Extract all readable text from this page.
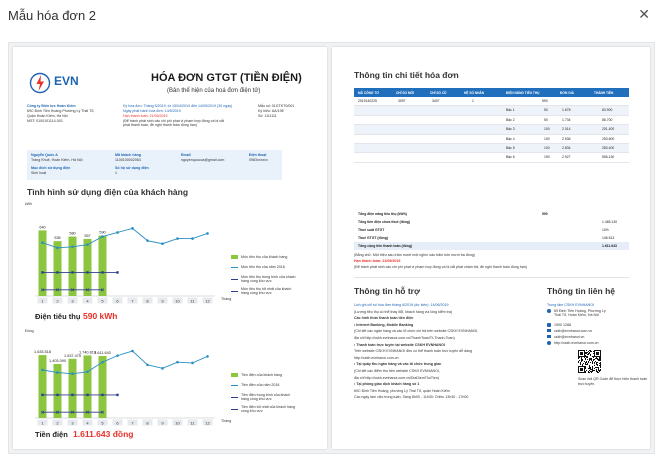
Mẫu hóa đơn 2	✕
EVN	HÓA ĐƠN GTGT (TIỀN ĐIỆN)
(Bản thể hiện của hoá đơn điện tử)
Công ty Điện lực Hoàn Kiếm
69C Đinh Tiên Hoàng Phường Lý Thái Tổ,
Quận Hoàn Kiếm, Hà Nội
MST: 0100101114-001
Kỳ hóa đơn: Tháng 5/2019, từ 15/04/2019 đến 14/05/2019 (30 ngày)
Ngày phát hành hóa đơn: 14/5/2019
Hạn thanh toán: 21/05/2019
(Để tránh phát sinh các chi phí phạt vi phạm hợp đồng và bị cắt
phạt thanh toán, đề nghị thanh toán đúng hạn)
Mẫu số: 01GTKT0/001
Ký hiệu: AA/19E
Số: 1111111
Nguyễn Quốc A
Tràng Khuê, Hoàn Kiếm, Hà Nội
Mã khách hàng
1100100002063
Email
nguyenquocca@gmail.com
Điện thoại
0983xxxxxx
Mục đích sử dụng điện
Sinh hoạt
Số hộ sử dụng điện
1
Tình hình sử dụng điện của khách hàng
kWh
1	2	3	4	5	6	7	8	9	10	11	12
640
535
580
557
590
Tháng
Mức tiêu thụ của khách hàng
Mức tiêu thụ của năm 2018
Mức tiêu thụ trung bình của khách hàng cùng khu vực
Mức tiêu thụ tốt nhất của khách hàng cùng khu vực
Điện tiêu thụ 590 kWh
Đồng
1	2	3	4	5	6	7	8	9	10	11	12
1.633.518
1.403.090
1.537.475
1.740.810
1.611.643
Tháng
Tiền điện của khách hàng
Tiền điện của năm 2018
Tiền điện trung bình của khách hàng cùng khu vực
Tiền điện tốt nhất của khách hàng cùng khu vực
Tiền điện 1.611.643 đồng
Thông tin chi tiết hóa đơn
MÃ CÔNG TƠ	CHỈ SỐ MỚI	CHỈ SỐ CŨ	HỆ SỐ NHÂN	ĐIỆN NĂNG TIÊU THỤ	ĐƠN GIÁ	THÀNH TIỀN
2019140225	3097	3407	1	590
Bậc 1	50	1.678	83.900
Bậc 2	50	1.734	86.700
Bậc 3	100	2.014	201.400
Bậc 4	100	2.536	253.600
Bậc 5	100	2.834	283.400
Bậc 6	190	2.927	556.130
Tổng điện năng tiêu thụ (kWh)	590
Tổng tiền điện chưa thuế (đồng)	1.465.130
Thuế suất GTGT	10%
Thuế GTGT (đồng)	146.513
Tổng cộng tiền thanh toán (đồng)	1.611.643
(Bằng chữ: Một triệu sáu trăm mười một nghìn sáu trăm bốn mươi ba đồng)
Hạn thanh toán: 21/05/2019
(Để tránh phát sinh các chi phí phạt vi phạm hợp đồng và bị cắt phạt chậm trả, đề nghị thanh toán đúng hạn)
Thông tin hỗ trợ
Lịch ghi chỉ số hóa đơn tháng 6/2019 (dự kiến): 14/06/2019
(Lượng tiêu thụ có thể thay đổi, khách hàng vui lòng kiểm tra)
Các hình thức thanh toán tiền điện
• Internet Banking, Mobile Banking
(Chi tiết các ngân hàng và các tổ chức chi trả trên website CSKH EVNHANOI,
địa chỉ http://cskh.evnhanoi.com.vn/ThanhToan/Tt-Thanh-Toan)
• Thanh toán trực tuyến tại website CSKH EVNHANOI
Trên website CSKH EVNHANOI đều có thể thanh toán trực tuyến dễ dàng
http://cskh.evnhanoi.com.vn
• Tại quầy thu ngân hàng và các tổ chức trung gian
(Chi tiết các điểm thu trên website CSKH EVNHANOI,
địa chỉ http://cskh.evnhanoi.com.vn/DiaDiemThuTien)
• Tại phòng giao dịch khách hàng số 1
69C Đinh Tiên Hoàng, phường Lý Thái Tổ, quận Hoàn Kiếm
Các ngày làm việc trong tuần, Sáng 8h00 - 11h30; Chiều 13h30 - 17h00
Thông tin liên hệ
Trung tâm CSKH EVNHANOI
69 Đinh Tiên Hoàng, Phường Lý Thái Tổ, Hoàn Kiếm, Hà Nội
1900 1288
cskh@evnhanoi.com.vn
cskh@evnhanoi.vn
http://cskh.evnhanoi.com.vn
Scan mã QR Code để thực hiện thanh toán
trực tuyến.
